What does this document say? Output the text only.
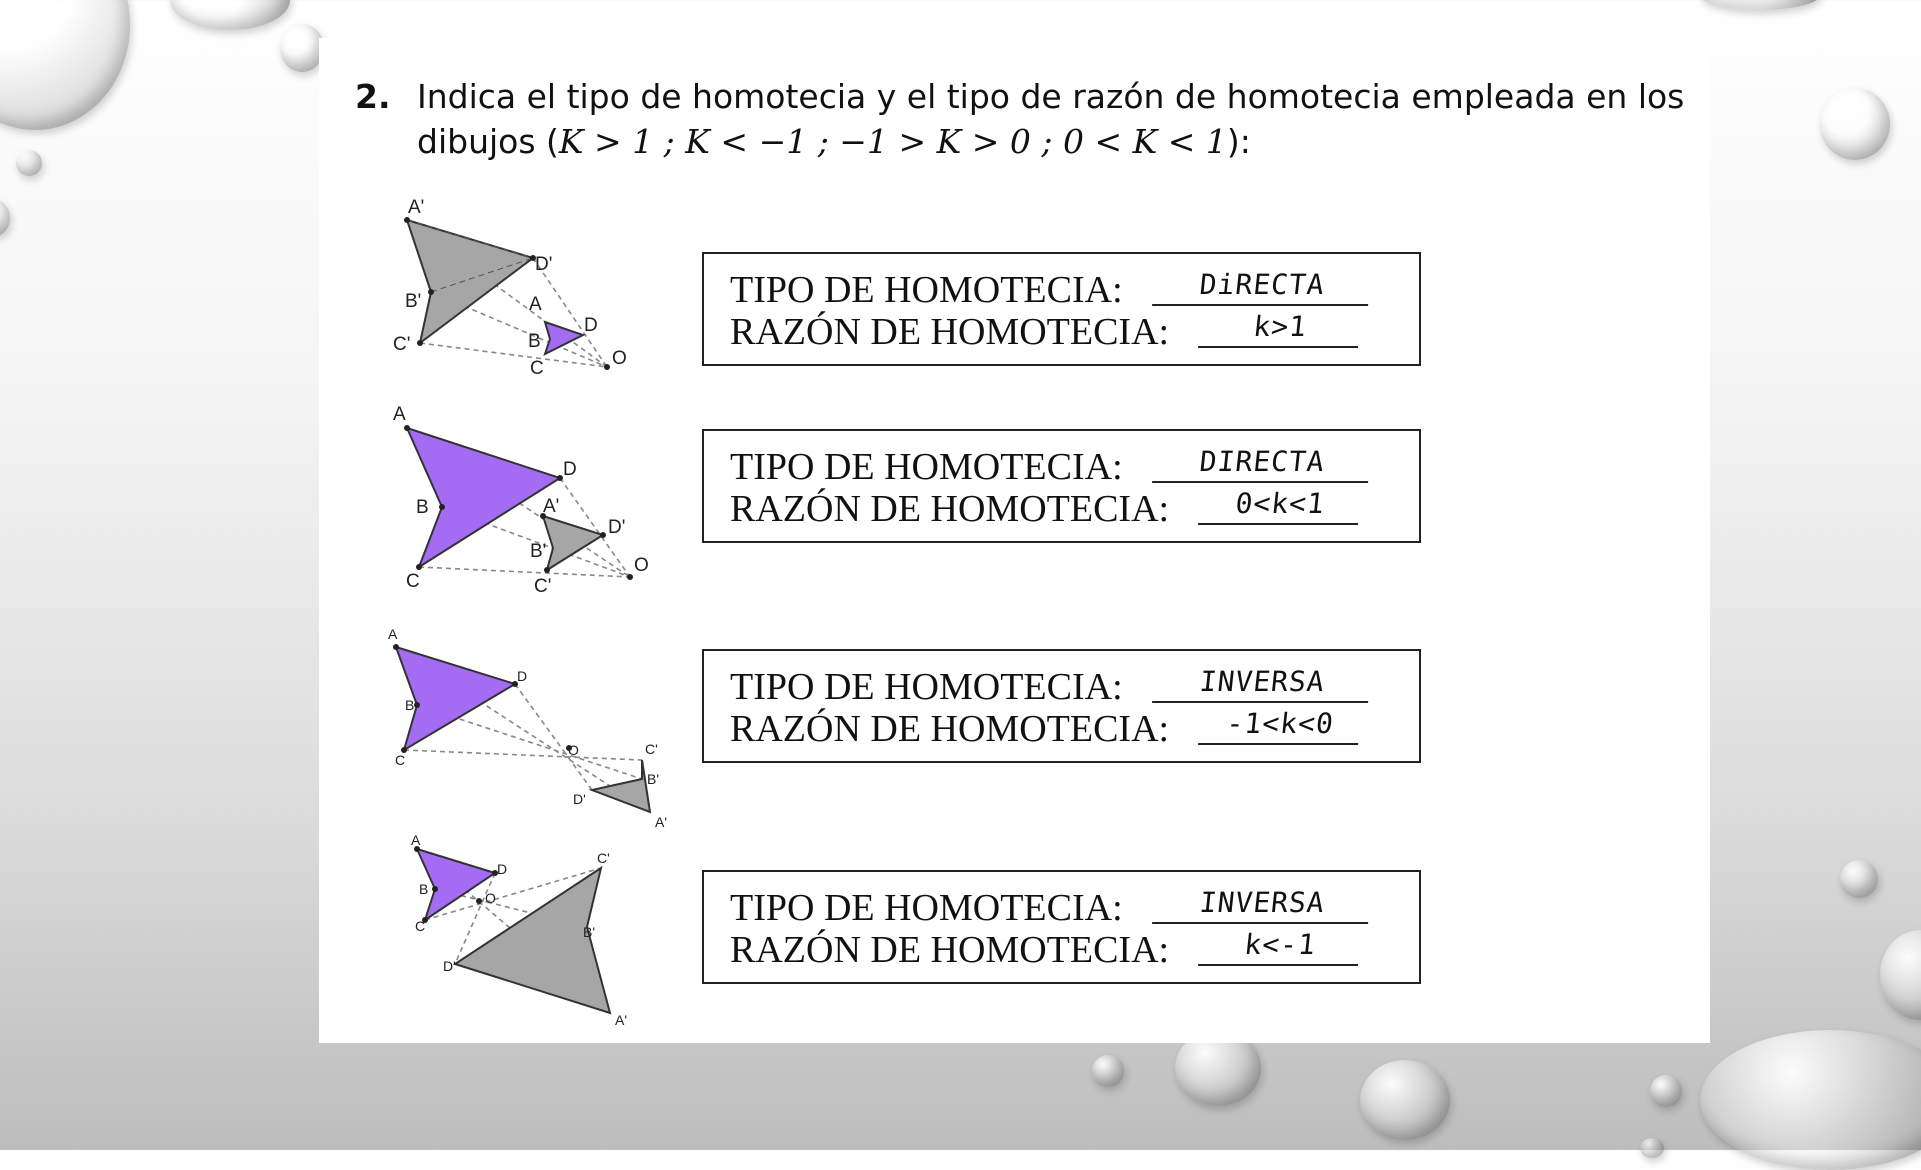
2. Indica el tipo de homotecia y el tipo de razón de homotecia empleada en los
dibujos (K > 1 ; K < −1 ; −1 > K > 0 ; 0 < K < 1):
A'
D'
B'
C'
A
B
D
C	O
A
D
B	A'
D'
B'
C	C'
O
A
D
B
C
O	C'
B'
D'
A'
A
C'
D
B
O
C	B'
D'
A'
TIPO DE HOMOTECIA:	DiRECTA
RAZÓN DE HOMOTECIA:	k>1
TIPO DE HOMOTECIA:	DIRECTA
RAZÓN DE HOMOTECIA:	0<k<1
TIPO DE HOMOTECIA:	INVERSA
RAZÓN DE HOMOTECIA:	-1<k<0
TIPO DE HOMOTECIA:	INVERSA
RAZÓN DE HOMOTECIA:	k<-1
